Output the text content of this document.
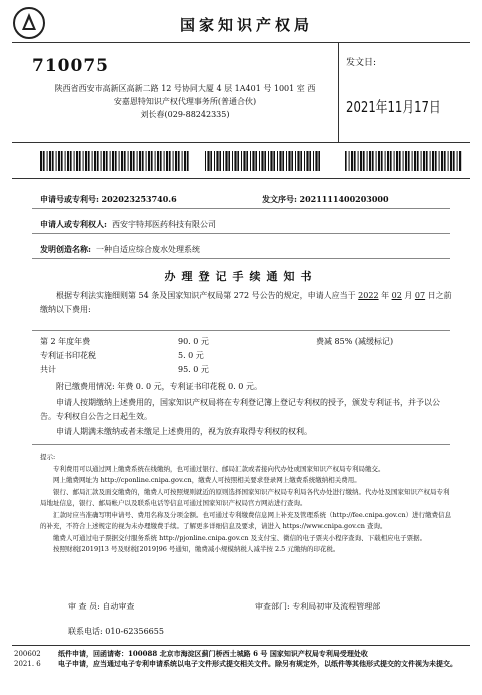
国家知识产权局
710075
陕西省西安市高新区高新二路 12 号协同大厦 4 层 1A401 号 1001 室 西
安嘉恩特知识产权代理事务所(普通合伙)
刘长春(029-88242335)
发文日:
2021年11月17日
申请号或专利号: 202023253740.6	发文序号: 2021111400203000
申请人或专利权人: 西安宇特邦医药科技有限公司
发明创造名称: 一种自适应综合废水处理系统
办理登记手续通知书
根据专利法实施细则第 54 条及国家知识产权局第 272 号公告的规定，申请人应当于 2022 年 02 月 07 日之前缴纳以下费用:
第 2 年度年费	90. 0 元	费减 85% (减缓标记)
专利证书印花税	5. 0 元
共计	95. 0 元
附已缴费用情况: 年费 0. 0 元，专利证书印花税 0. 0 元。
申请人按期缴纳上述费用的，国家知识产权局将在专利登记簿上登记专利权的授予，颁发专利证书，并予以公告。专利权自公告之日起生效。
申请人期满未缴纳或者未缴足上述费用的，视为放弃取得专利权的权利。
提示:

专利费用可以通过网上缴费系统在线缴纳，也可通过银行、邮局汇款或者接向代办处或国家知识产权局专利局缴交。

网上缴费网址为 http://cponline.cnipa.gov.cn，缴费人可按照相关要求登录网上缴费系统缴纳相关费用。

银行、邮局汇款及面交缴费的，缴费人可按照规则就近的原则选择国家知识产权局专利局各代办处进行缴纳。代办处及国家知识产权局专利局地址信息，银行、邮局帐户以及联系电话等信息可通过国家知识产权局官方网站进行查询。

汇款时应当准确写明申请号、费用名称及分项金额。也可通过专利缴费信息网上补充及管理系统（http://fee.cnipa.gov.cn）进行缴费信息的补充，不符合上述规定的视为未办理缴费手续。了解更多详细信息及要求，请进入 https://www.cnipa.gov.cn 查询。

缴费人可通过电子票据交付服务系统 http://pjonline.cnipa.gov.cn 及支付宝、微信的电子票夹小程序查询、下载相应电子票据。

按照财税[2019]13 号及财税[2019]96 号通知，缴费减小规模纳税人减半按 2.5 元缴纳的印花税。

审 查 员: 自动审查	审查部门: 专利局初审及流程管理部
联系电话: 010-62356655
200602
2021. 6
纸件申请，回函请寄：100088 北京市海淀区蓟门桥西土城路 6 号 国家知识产权局专利局受理处收
电子申请，应当通过电子专利申请系统以电子文件形式提交相关文件。除另有规定外，以纸件等其他形式提交的文件视为未提交。
